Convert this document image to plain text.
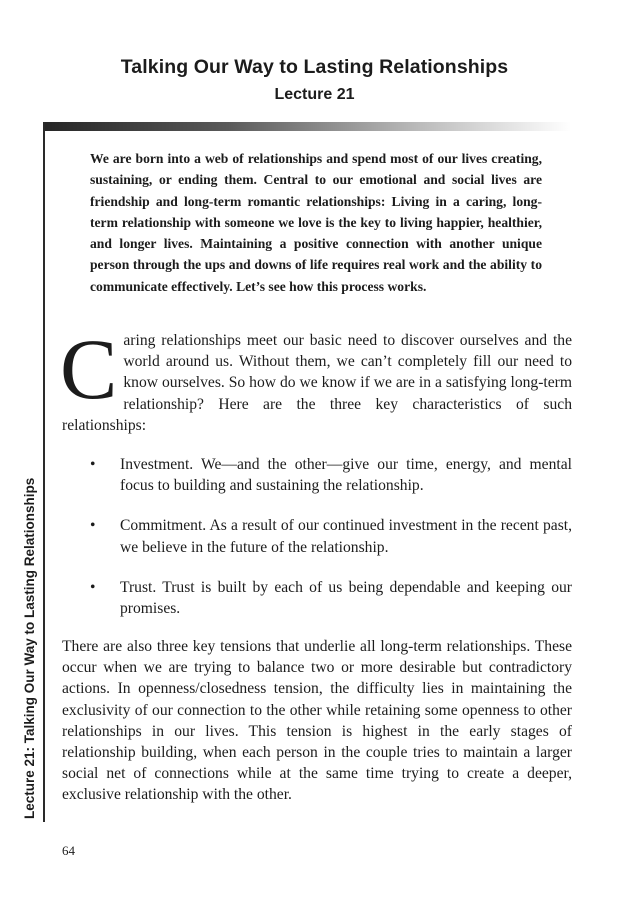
Talking Our Way to Lasting Relationships
Lecture 21
Lecture 21: Talking Our Way to Lasting Relationships
We are born into a web of relationships and spend most of our lives creating, sustaining, or ending them. Central to our emotional and social lives are friendship and long-term romantic relationships: Living in a caring, long-term relationship with someone we love is the key to living happier, healthier, and longer lives. Maintaining a positive connection with another unique person through the ups and downs of life requires real work and the ability to communicate effectively. Let’s see how this process works.
Caring relationships meet our basic need to discover ourselves and the world around us. Without them, we can’t completely fill our need to know ourselves. So how do we know if we are in a satisfying long-term relationship? Here are the three key characteristics of such relationships:
• Investment. We—and the other—give our time, energy, and mental focus to building and sustaining the relationship.
• Commitment. As a result of our continued investment in the recent past, we believe in the future of the relationship.
• Trust. Trust is built by each of us being dependable and keeping our promises.
There are also three key tensions that underlie all long-term relationships. These occur when we are trying to balance two or more desirable but contradictory actions. In openness/closedness tension, the difficulty lies in maintaining the exclusivity of our connection to the other while retaining some openness to other relationships in our lives. This tension is highest in the early stages of relationship building, when each person in the couple tries to maintain a larger social net of connections while at the same time trying to create a deeper, exclusive relationship with the other.
64
